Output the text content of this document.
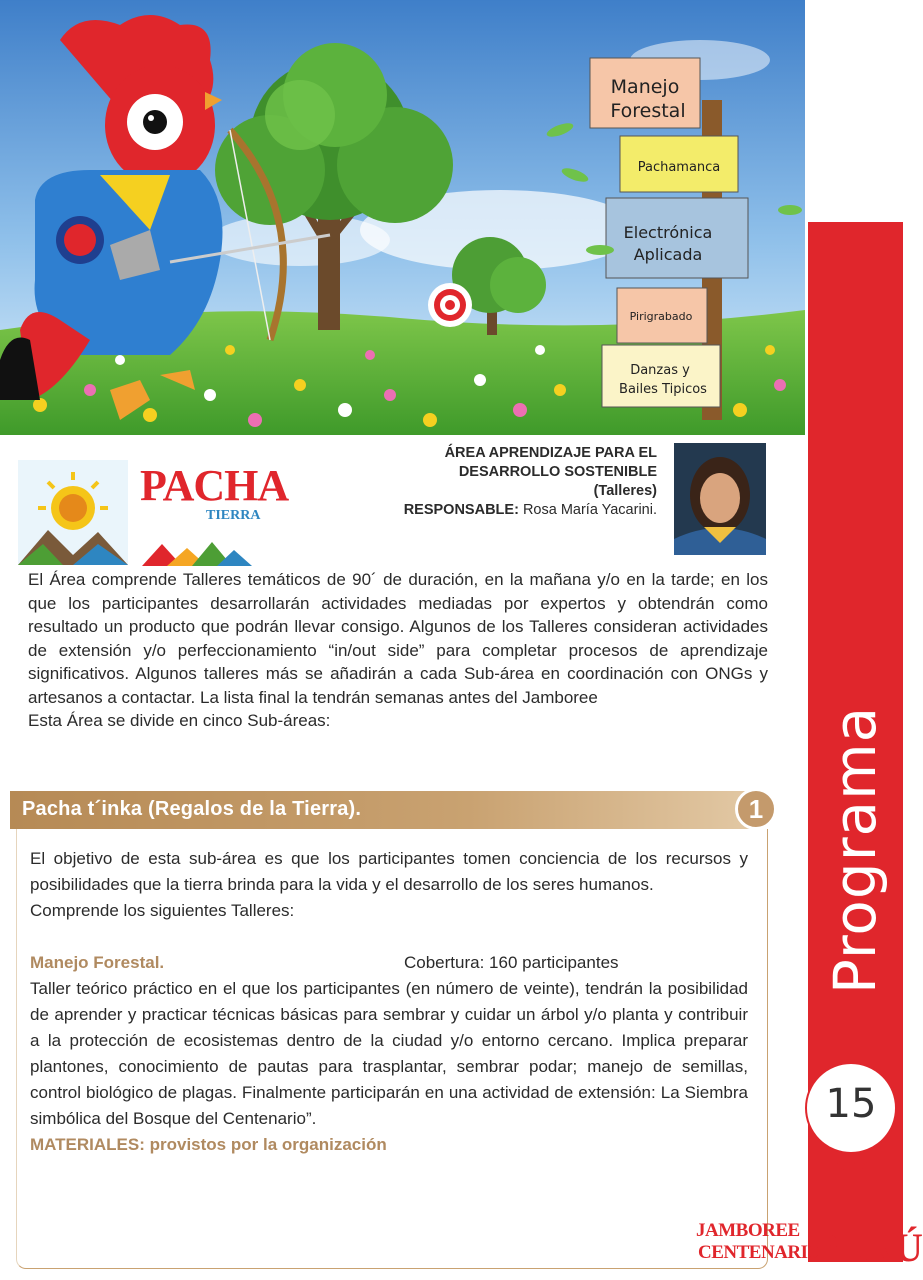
Manejo
Forestal
Pachamanca
Electrónica
Aplicada
Pirigrabado
Danzas y
Bailes Tipicos
Programa
15
PACHA
TIERRA
ÁREA APRENDIZAJE PARA EL
DESARROLLO SOSTENIBLE
(Talleres)
RESPONSABLE: Rosa María Yacarini.

El Área comprende Talleres temáticos de 90´ de duración, en la mañana y/o en la tarde; en los que los participantes desarrollarán actividades mediadas por expertos y obtendrán como resultado un producto que podrán llevar consigo. Algunos de los Talleres consideran actividades de extensión y/o perfeccionamiento “in/out side” para completar procesos de aprendizaje significativos. Algunos talleres más se añadirán a cada Sub-área en coordinación con ONGs y artesanos a contactar. La lista final la tendrán semanas antes del Jamboree

Esta Área se divide en cinco Sub-áreas:

Pacha t´inka (Regalos de la Tierra).	1

El objetivo de esta sub-área es que los participantes tomen conciencia de los recursos y posibilidades que la tierra brinda para la vida y el desarrollo de los seres humanos.

Comprende los siguientes Talleres:

Manejo Forestal.	Cobertura: 160 participantes

Taller teórico práctico en el que los participantes (en número de veinte), tendrán la posibilidad de aprender y practicar técnicas básicas para sembrar y cuidar un árbol y/o planta y contribuir a la protección de ecosistemas dentro de la ciudad y/o entorno cercano. Implica preparar plantones, conocimiento de pautas para trasplantar, sembrar podar; manejo de semillas, control biológico de plagas. Finalmente participarán en una actividad de extensión: La Siembra simbólica del Bosque del Centenario”.

MATERIALES: provistos por la organización

JAMBOREE
CENTENARIO
PERÚ
